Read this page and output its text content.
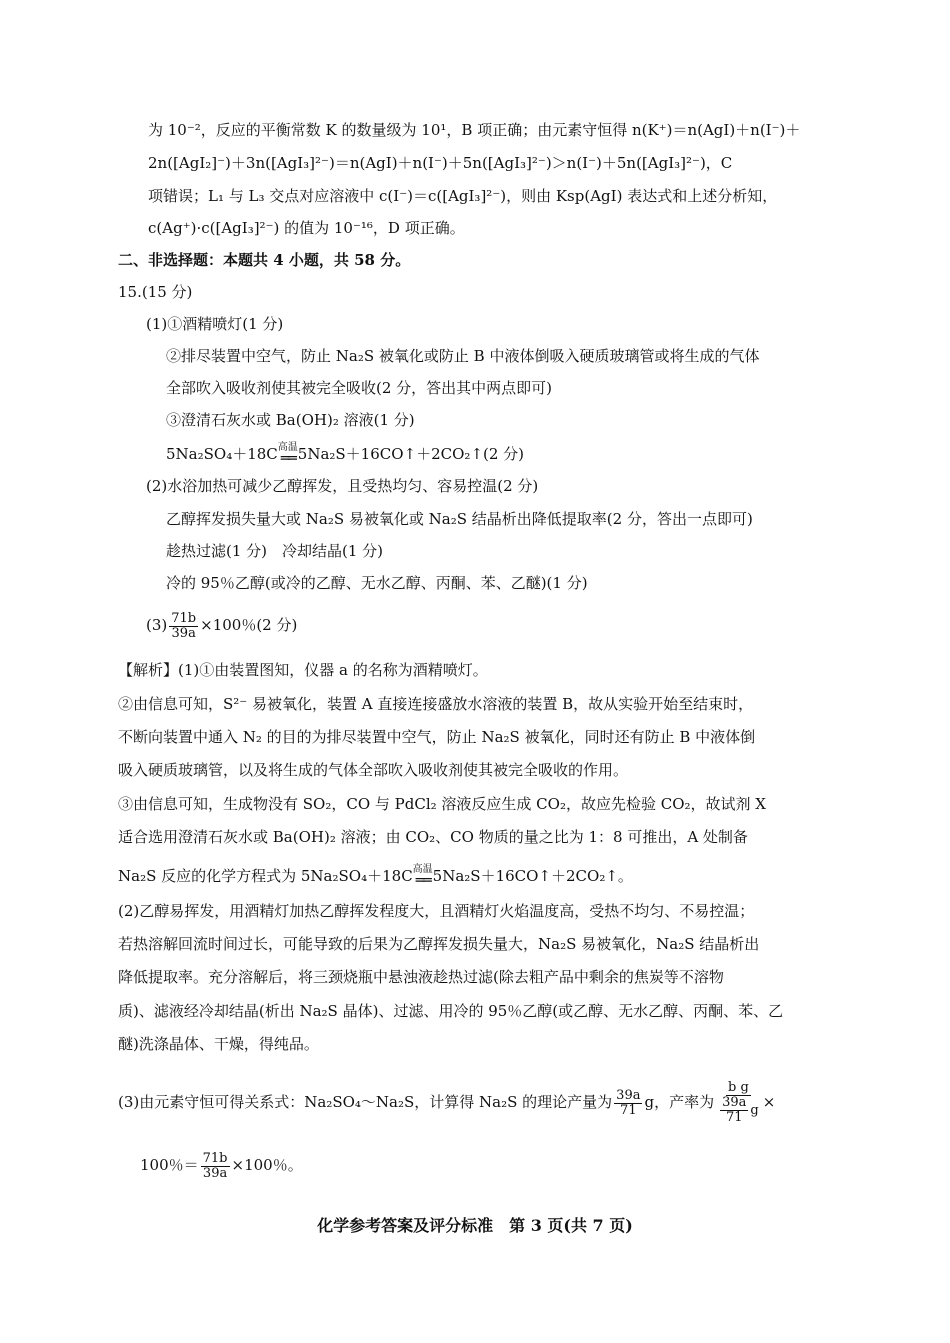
为 10⁻²，反应的平衡常数 K 的数量级为 10¹，B 项正确；由元素守恒得 n(K⁺)＝n(AgI)＋n(I⁻)＋
2n([AgI₂]⁻)＋3n([AgI₃]²⁻)＝n(AgI)＋n(I⁻)＋5n([AgI₃]²⁻)＞n(I⁻)＋5n([AgI₃]²⁻)，C
项错误；L₁ 与 L₃ 交点对应溶液中 c(I⁻)＝c([AgI₃]²⁻)，则由 Ksp(AgI) 表达式和上述分析知，
c(Ag⁺)·c([AgI₃]²⁻) 的值为 10⁻¹⁶，D 项正确。
二、非选择题：本题共 4 小题，共 58 分。
15.(15 分)
(1)①酒精喷灯(1 分)
②排尽装置中空气，防止 Na₂S 被氧化或防止 B 中液体倒吸入硬质玻璃管或将生成的气体
全部吹入吸收剂使其被完全吸收(2 分，答出其中两点即可)
③澄清石灰水或 Ba(OH)₂ 溶液(1 分)
5Na₂SO₄＋18C 高温
══ 5Na₂S＋16CO↑＋2CO₂↑(2 分)
(2)水浴加热可减少乙醇挥发，且受热均匀、容易控温(2 分)
乙醇挥发损失量大或 Na₂S 易被氧化或 Na₂S 结晶析出降低提取率(2 分，答出一点即可)
趁热过滤(1 分)　冷却结晶(1 分)
冷的 95％乙醇(或冷的乙醇、无水乙醇、丙酮、苯、乙醚)(1 分)
$(3) \frac{71b}{39a} \times 100$％(2 分)
【解析】(1)①由装置图知，仪器 a 的名称为酒精喷灯。
②由信息可知，S²⁻ 易被氧化，装置 A 直接连接盛放水溶液的装置 B，故从实验开始至结束时，
不断向装置中通入 N₂ 的目的为排尽装置中空气，防止 Na₂S 被氧化，同时还有防止 B 中液体倒
吸入硬质玻璃管，以及将生成的气体全部吹入吸收剂使其被完全吸收的作用。
③由信息可知，生成物没有 SO₂，CO 与 PdCl₂ 溶液反应生成 CO₂，故应先检验 CO₂，故试剂 X
适合选用澄清石灰水或 Ba(OH)₂ 溶液；由 CO₂、CO 物质的量之比为 1：8 可推出，A 处制备
Na₂S 反应的化学方程式为 5Na₂SO₄＋18C 高温
══ 5Na₂S＋16CO↑＋2CO₂↑。
(2)乙醇易挥发，用酒精灯加热乙醇挥发程度大，且酒精灯火焰温度高，受热不均匀、不易控温；
若热溶解回流时间过长，可能导致的后果为乙醇挥发损失量大，Na₂S 易被氧化，Na₂S 结晶析出
降低提取率。充分溶解后，将三颈烧瓶中悬浊液趁热过滤(除去粗产品中剩余的焦炭等不溶物
质)、滤液经冷却结晶(析出 Na₂S 晶体)、过滤、用冷的 95％乙醇(或乙醇、无水乙醇、丙酮、苯、乙
醚)洗涤晶体、干燥，得纯品。
(3)由元素守恒可得关系式：Na₂SO₄～Na₂S，计算得 Na₂S 的理论产量为 $\frac{39a}{71}$ g，产率为 $\frac{\text{b g}}{\frac{39a}{71} g}$ ×
100％＝ $\frac{71b}{39a} \times 100$％。
化学参考答案及评分标准　第 3 页(共 7 页)
